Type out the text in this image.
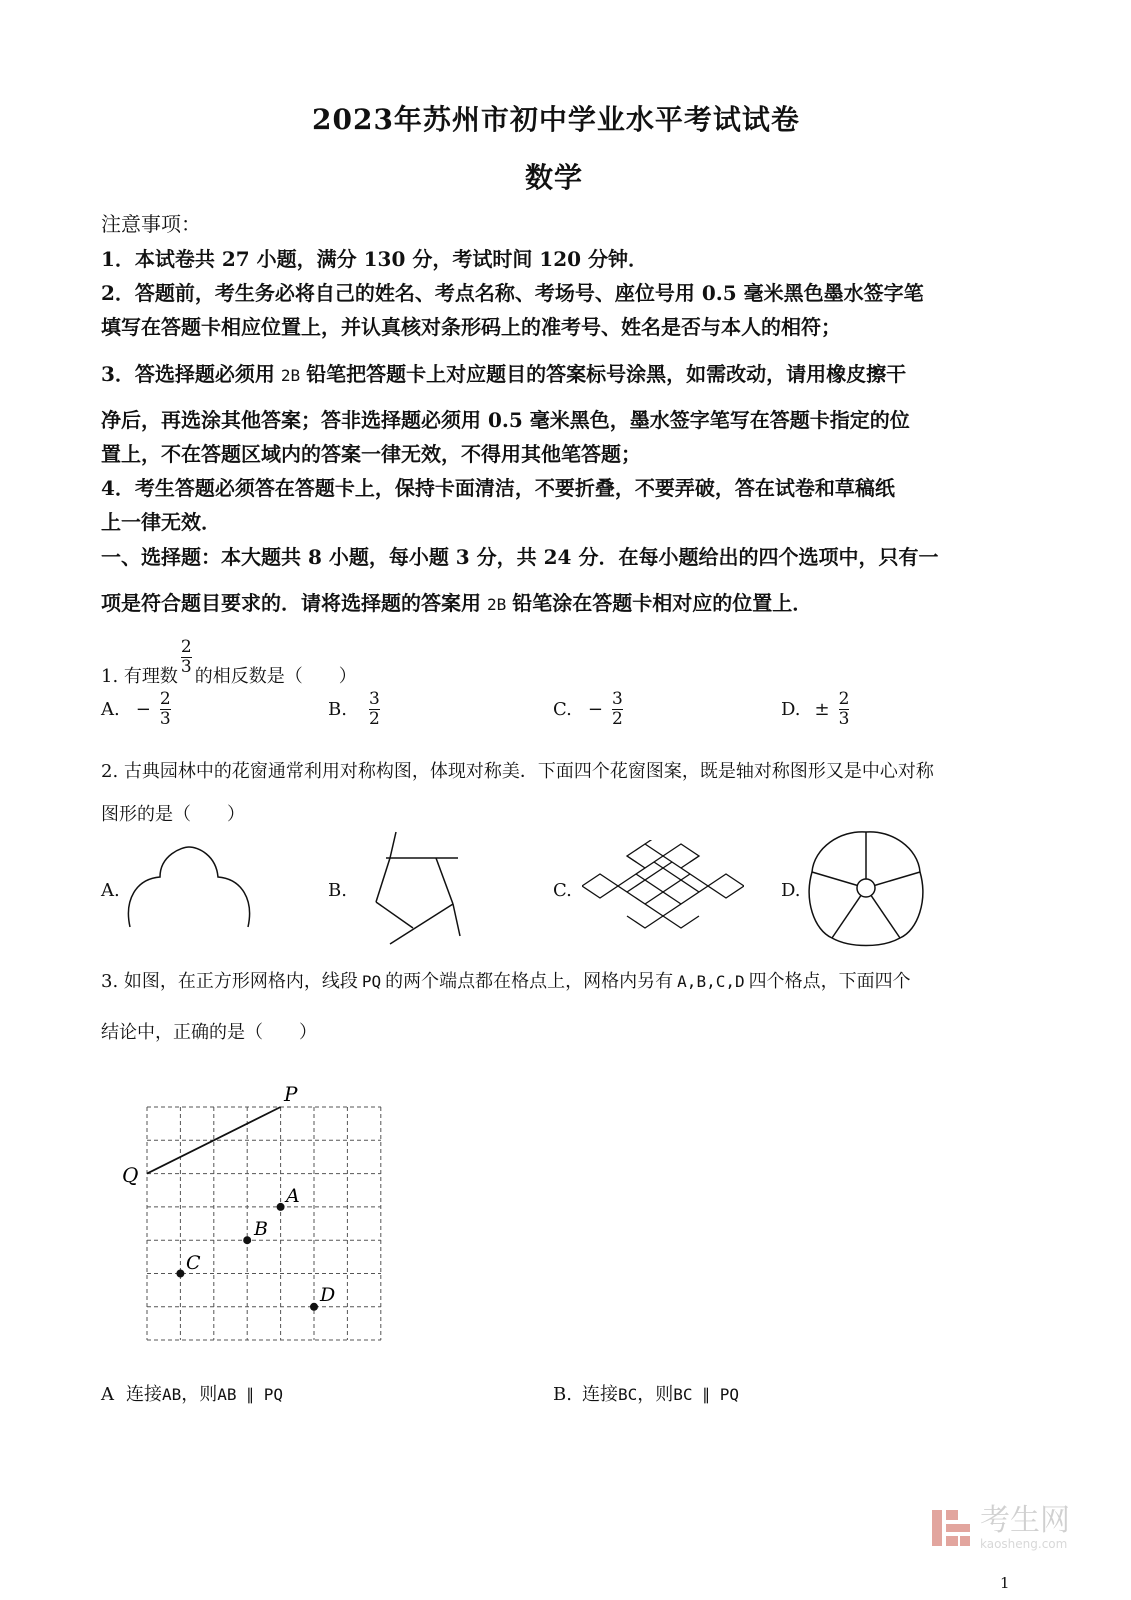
2023年苏州市初中学业水平考试试卷
数学
注意事项：
1．本试卷共 27 小题，满分 130 分，考试时间 120 分钟．
2．答题前，考生务必将自己的姓名、考点名称、考场号、座位号用 0.5 毫米黑色墨水签字笔
填写在答题卡相应位置上，并认真核对条形码上的准考号、姓名是否与本人的相符；
3．答选择题必须用 2B 铅笔把答题卡上对应题目的答案标号涂黑，如需改动，请用橡皮擦干
净后，再选涂其他答案；答非选择题必须用 0.5 毫米黑色，墨水签字笔写在答题卡指定的位
置上，不在答题区域内的答案一律无效，不得用其他笔答题；
4．考生答题必须答在答题卡上，保持卡面清洁，不要折叠，不要弄破，答在试卷和草稿纸
上一律无效．
一、选择题：本大题共 8 小题，每小题 3 分，共 24 分．在每小题给出的四个选项中，只有一
项是符合题目要求的．请将选择题的答案用 2B 铅笔涂在答题卡相对应的位置上．
1. 有理数 $\frac{2}{3}$ 的相反数是（　　）
A. − $\frac{2}{3}$	B. $\frac{3}{2}$	C. − $\frac{3}{2}$	D. ± $\frac{2}{3}$
2. 古典园林中的花窗通常利用对称构图，体现对称美．下面四个花窗图案，既是轴对称图形又是中心对称
图形的是（　　）
A.	B.	C.	D.
3. 如图，在正方形网格内，线段 PQ 的两个端点都在格点上，网格内另有 A,B,C,D 四个格点，下面四个
结论中，正确的是（　　）
P
Q
A
B
C
D
A 连接AB，则AB ∥ PQ	B. 连接BC，则BC ∥ PQ
考生网
kaosheng.com
1
